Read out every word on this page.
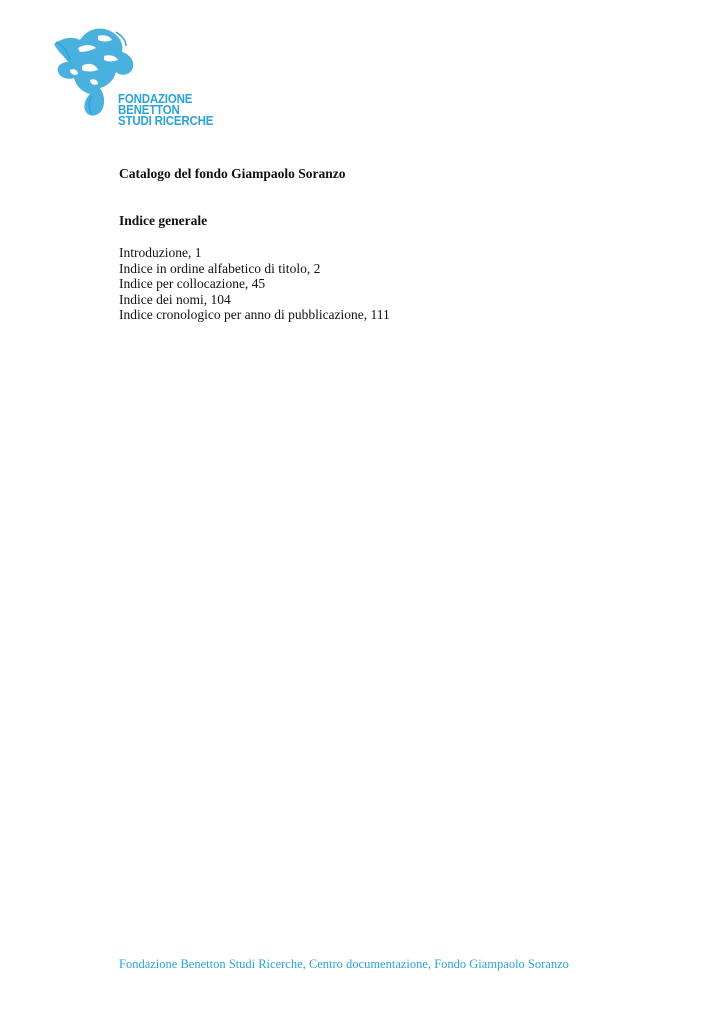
FONDAZIONE
BENETTON
STUDI RICERCHE
Catalogo del fondo Giampaolo Soranzo
Indice generale
Introduzione, 1
Indice in ordine alfabetico di titolo, 2
Indice per collocazione, 45
Indice dei nomi, 104
Indice cronologico per anno di pubblicazione, 111

Fondazione Benetton Studi Ricerche, Centro documentazione, Fondo Giampaolo Soranzo
